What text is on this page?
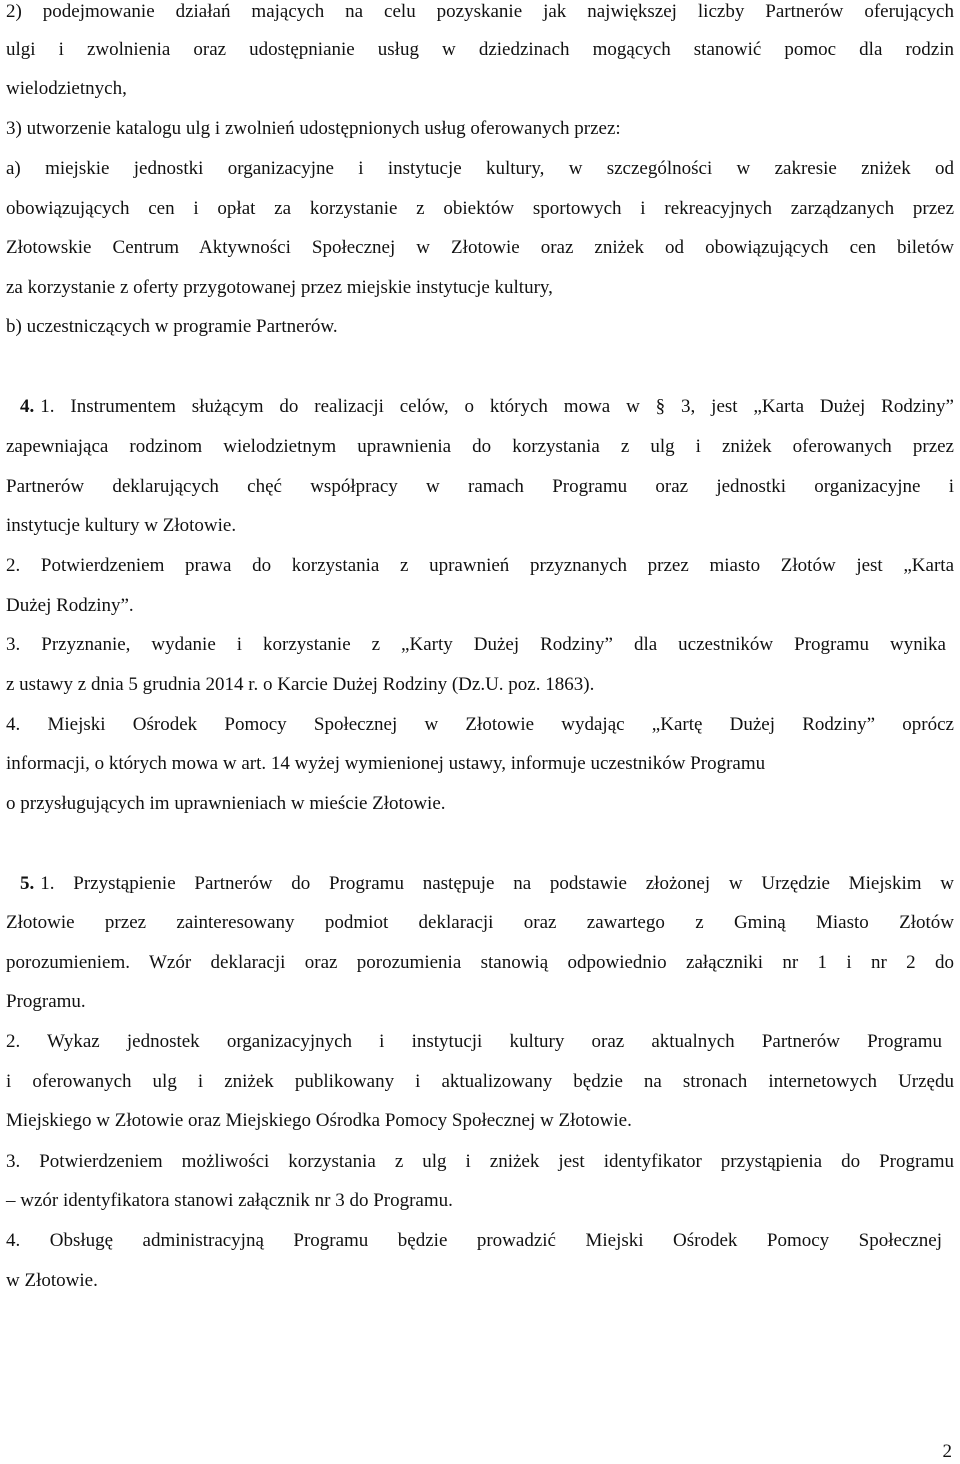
2) podejmowanie działań mających na celu pozyskanie jak największej liczby Partnerów oferujących
ulgi i zwolnienia oraz udostępnianie usług w dziedzinach mogących stanowić pomoc dla rodzin
wielodzietnych,
3) utworzenie katalogu ulg i zwolnień udostępnionych usług oferowanych przez:
a) miejskie jednostki organizacyjne i instytucje kultury, w szczególności w zakresie zniżek od
obowiązujących cen i opłat za korzystanie z obiektów sportowych i rekreacyjnych zarządzanych przez
Złotowskie Centrum Aktywności Społecznej w Złotowie oraz zniżek od obowiązujących cen biletów
za korzystanie z oferty przygotowanej przez miejskie instytucje kultury,
b) uczestniczących w programie Partnerów.
4. 1. Instrumentem służącym do realizacji celów, o których mowa w § 3, jest „Karta Dużej Rodziny”
zapewniająca rodzinom wielodzietnym uprawnienia do korzystania z ulg i zniżek oferowanych przez
Partnerów deklarujących chęć współpracy w ramach Programu oraz jednostki organizacyjne i
instytucje kultury w Złotowie.
2. Potwierdzeniem prawa do korzystania z uprawnień przyznanych przez miasto Złotów jest „Karta
Dużej Rodziny”.
3. Przyznanie, wydanie i korzystanie z „Karty Dużej Rodziny” dla uczestników Programu wynika
z ustawy z dnia 5 grudnia 2014 r. o Karcie Dużej Rodziny (Dz.U. poz. 1863).
4. Miejski Ośrodek Pomocy Społecznej w Złotowie wydając „Kartę Dużej Rodziny” oprócz
informacji, o których mowa w art. 14 wyżej wymienionej ustawy, informuje uczestników Programu
o przysługujących im uprawnieniach w mieście Złotowie.
5. 1. Przystąpienie Partnerów do Programu następuje na podstawie złożonej w Urzędzie Miejskim w
Złotowie przez zainteresowany podmiot deklaracji oraz zawartego z Gminą Miasto Złotów
porozumieniem. Wzór deklaracji oraz porozumienia stanowią odpowiednio załączniki nr 1 i nr 2 do
Programu.
2. Wykaz jednostek organizacyjnych i instytucji kultury oraz aktualnych Partnerów Programu
i oferowanych ulg i zniżek publikowany i aktualizowany będzie na stronach internetowych Urzędu
Miejskiego w Złotowie oraz Miejskiego Ośrodka Pomocy Społecznej w Złotowie.
3. Potwierdzeniem możliwości korzystania z ulg i zniżek jest identyfikator przystąpienia do Programu
– wzór identyfikatora stanowi załącznik nr 3 do Programu.
4. Obsługę administracyjną Programu będzie prowadzić Miejski Ośrodek Pomocy Społecznej
w Złotowie.
2
